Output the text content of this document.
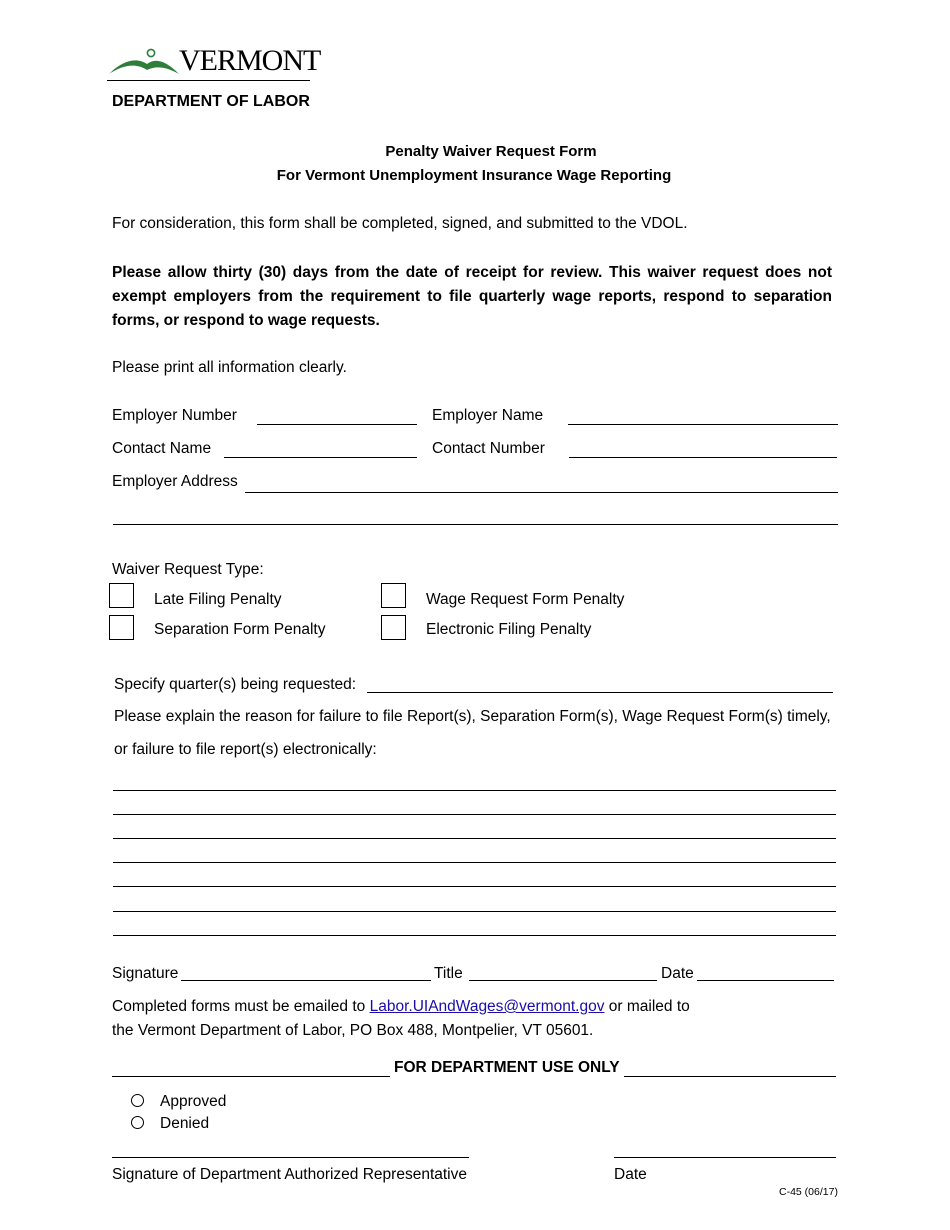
VERMONT
DEPARTMENT OF LABOR
Penalty Waiver Request Form
For Vermont Unemployment Insurance Wage Reporting
For consideration, this form shall be completed, signed, and submitted to the VDOL.
Please allow thirty (30) days from the date of receipt for review. This waiver request does not exempt employers from the requirement to file quarterly wage reports, respond to separation forms, or respond to wage requests.
Please print all information clearly.
Employer Number	Employer Name
Contact Name	Contact Number
Employer Address
Waiver Request Type:
Late Filing Penalty	Wage Request Form Penalty
Separation Form Penalty	Electronic Filing Penalty
Specify quarter(s) being requested:
Please explain the reason for failure to file Report(s), Separation Form(s), Wage Request Form(s) timely,
or failure to file report(s) electronically:
Signature	Title	Date
Completed forms must be emailed to Labor.UIAndWages@vermont.gov or mailed to
the Vermont Department of Labor, PO Box 488, Montpelier, VT 05601.
FOR DEPARTMENT USE ONLY
Approved
Denied
Signature of Department Authorized Representative	Date
C-45 (06/17)
